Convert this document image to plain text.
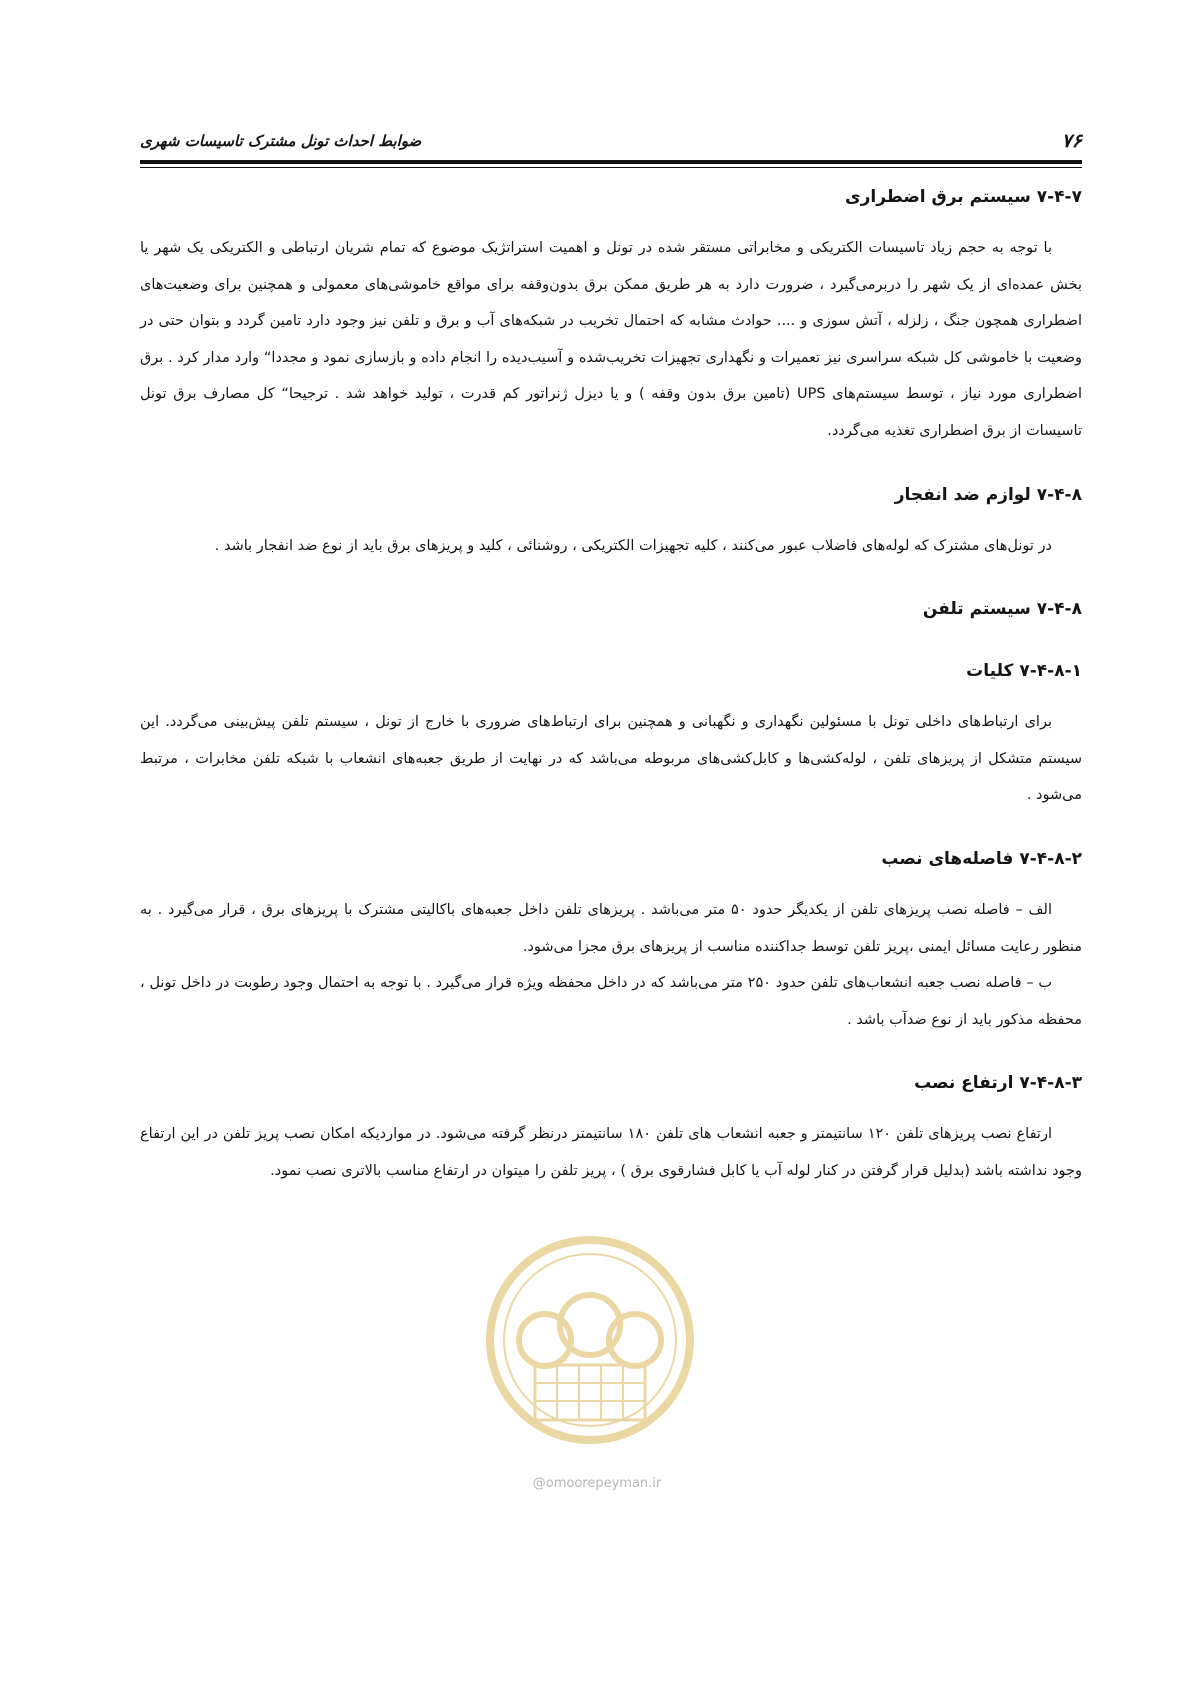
۷۶
ضوابط احداث تونل مشترک تاسیسات شهری
۷-۴-۷ سیستم برق اضطراری

با توجه به حجم زیاد تاسیسات الکتریکی و مخابراتی مستقر شده در تونل و اهمیت استراتژیک موضوع که تمام شریان ارتباطی و الکتریکی یک شهر یا بخش عمده‌ای از یک شهر را دربرمی‌گیرد ، ضرورت دارد به هر طریق ممکن برق بدون‌وقفه برای مواقع خاموشی‌های معمولی و همچنین برای وضعیت‌های اضطراری همچون جنگ ، زلزله ، آتش سوزی و .... حوادث مشابه که احتمال تخریب در شبکه‌های آب و برق و تلفن نیز وجود دارد تامین گردد و بتوان حتی در وضعیت با خاموشی کل شبکه سراسری نیز تعمیرات و نگهداری تجهیزات تخریب‌شده و آسیب‌دیده را انجام داده و بازسازی نمود و مجددا“ وارد مدار کرد . برق اضطراری مورد نیاز ، توسط سیستم‌های UPS (تامین برق بدون وقفه ) و یا دیزل ژنراتور کم قدرت ، تولید خواهد شد . ترجیحا“ کل مصارف برق تونل تاسیسات از برق اضطراری تغذیه می‌گردد.

۷-۴-۸ لوازم ضد انفجار

در تونل‌های مشترک که لوله‌های فاضلاب عبور می‌کنند ، کلیه تجهیزات الکتریکی ، روشنائی ، کلید و پریزهای برق باید از نوع ضد انفجار باشد .

۷-۴-۸ سیستم تلفن
۷-۴-۸-۱ کلیات

برای ارتباط‌های داخلی تونل با مسئولین نگهداری و نگهبانی و همچنین برای ارتباط‌های ضروری با خارج از تونل ، سیستم تلفن پیش‌بینی می‌گردد. این سیستم متشکل از پریزهای تلفن ، لوله‌کشی‌ها و کابل‌کشی‌های مربوطه می‌باشد که در نهایت از طریق جعبه‌های انشعاب با شبکه تلفن مخابرات ، مرتبط می‌شود .

۷-۴-۸-۲ فاصله‌های نصب

الف – فاصله نصب پریزهای تلفن از یکدیگر حدود ۵۰ متر می‌باشد . پریزهای تلفن داخل جعبه‌های باکالیتی مشترک با پریزهای برق ، قرار می‌گیرد . به منظور رعایت مسائل ایمنی ،پریز تلفن توسط جداکننده مناسب از پریزهای برق مجزا می‌شود.

ب – فاصله نصب جعبه انشعاب‌های تلفن حدود ۲۵۰ متر می‌باشد که در داخل محفظه ویژه قرار می‌گیرد . با توجه به احتمال وجود رطوبت در داخل تونل ، محفظه مذکور باید از نوع ضدآب باشد .

۷-۴-۸-۳ ارتفاع نصب

ارتفاع نصب پریزهای تلفن ۱۲۰ سانتیمتر و جعبه انشعاب های تلفن ۱۸۰ سانتیمتر درنظر گرفته می‌شود. در مواردیکه امکان نصب پریز تلفن در این ارتفاع وجود نداشته باشد (بدلیل قرار گرفتن در کنار لوله آب یا کابل فشارقوی برق ) ، پریز تلفن را میتوان در ارتفاع مناسب بالاتری نصب نمود.

@omoorepeyman.ir
